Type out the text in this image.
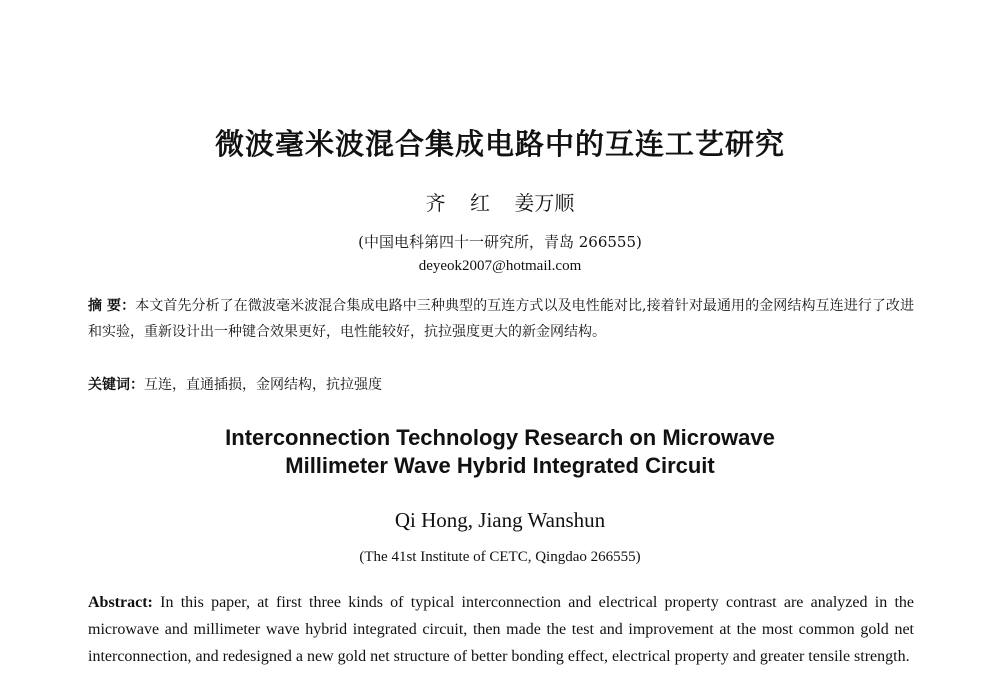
微波毫米波混合集成电路中的互连工艺研究

齐 红 姜万顺

(中国电科第四十一研究所，青岛 266555)

deyeok2007@hotmail.com

摘 要：本文首先分析了在微波毫米波混合集成电路中三种典型的互连方式以及电性能对比,接着针对最通用的金网结构互连进行了改进和实验，重新设计出一种键合效果更好，电性能较好，抗拉强度更大的新金网结构。

关键词：互连，直通插损，金网结构，抗拉强度

Interconnection Technology Research on Microwave
Millimeter Wave Hybrid Integrated Circuit

Qi Hong, Jiang Wanshun

(The 41st Institute of CETC, Qingdao 266555)

Abstract: In this paper, at first three kinds of typical interconnection and electrical property contrast are analyzed in the microwave and millimeter wave hybrid integrated circuit, then made the test and improvement at the most common gold net interconnection, and redesigned a new gold net structure of better bonding effect, electrical property and greater tensile strength.
